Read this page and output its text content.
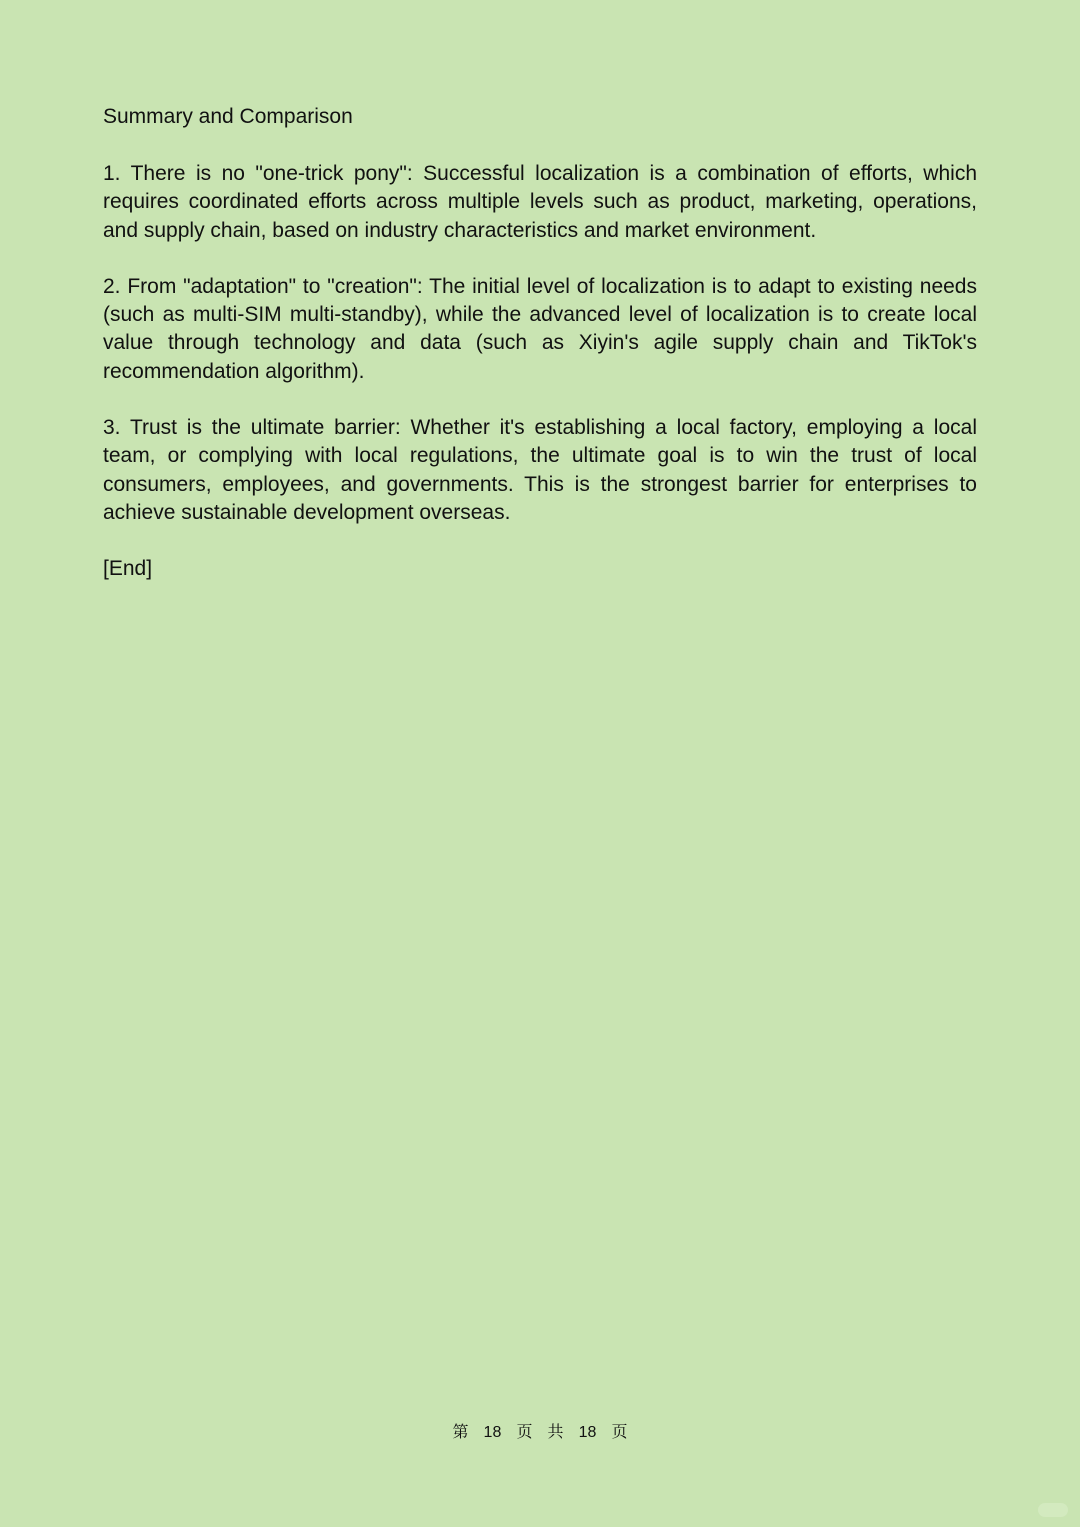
Summary and Comparison

1. There is no "one-trick pony": Successful localization is a combination of efforts, which requires coordinated efforts across multiple levels such as product, marketing, operations, and supply chain, based on industry characteristics and market environment.

2. From "adaptation" to "creation": The initial level of localization is to adapt to existing needs (such as multi-SIM multi-standby), while the advanced level of localization is to create local value through technology and data (such as Xiyin's agile supply chain and TikTok's recommendation algorithm).

3. Trust is the ultimate barrier: Whether it's establishing a local factory, employing a local team, or complying with local regulations, the ultimate goal is to win the trust of local consumers, employees, and governments. This is the strongest barrier for enterprises to achieve sustainable development overseas.

[End]

第 18 页 共 18 页
